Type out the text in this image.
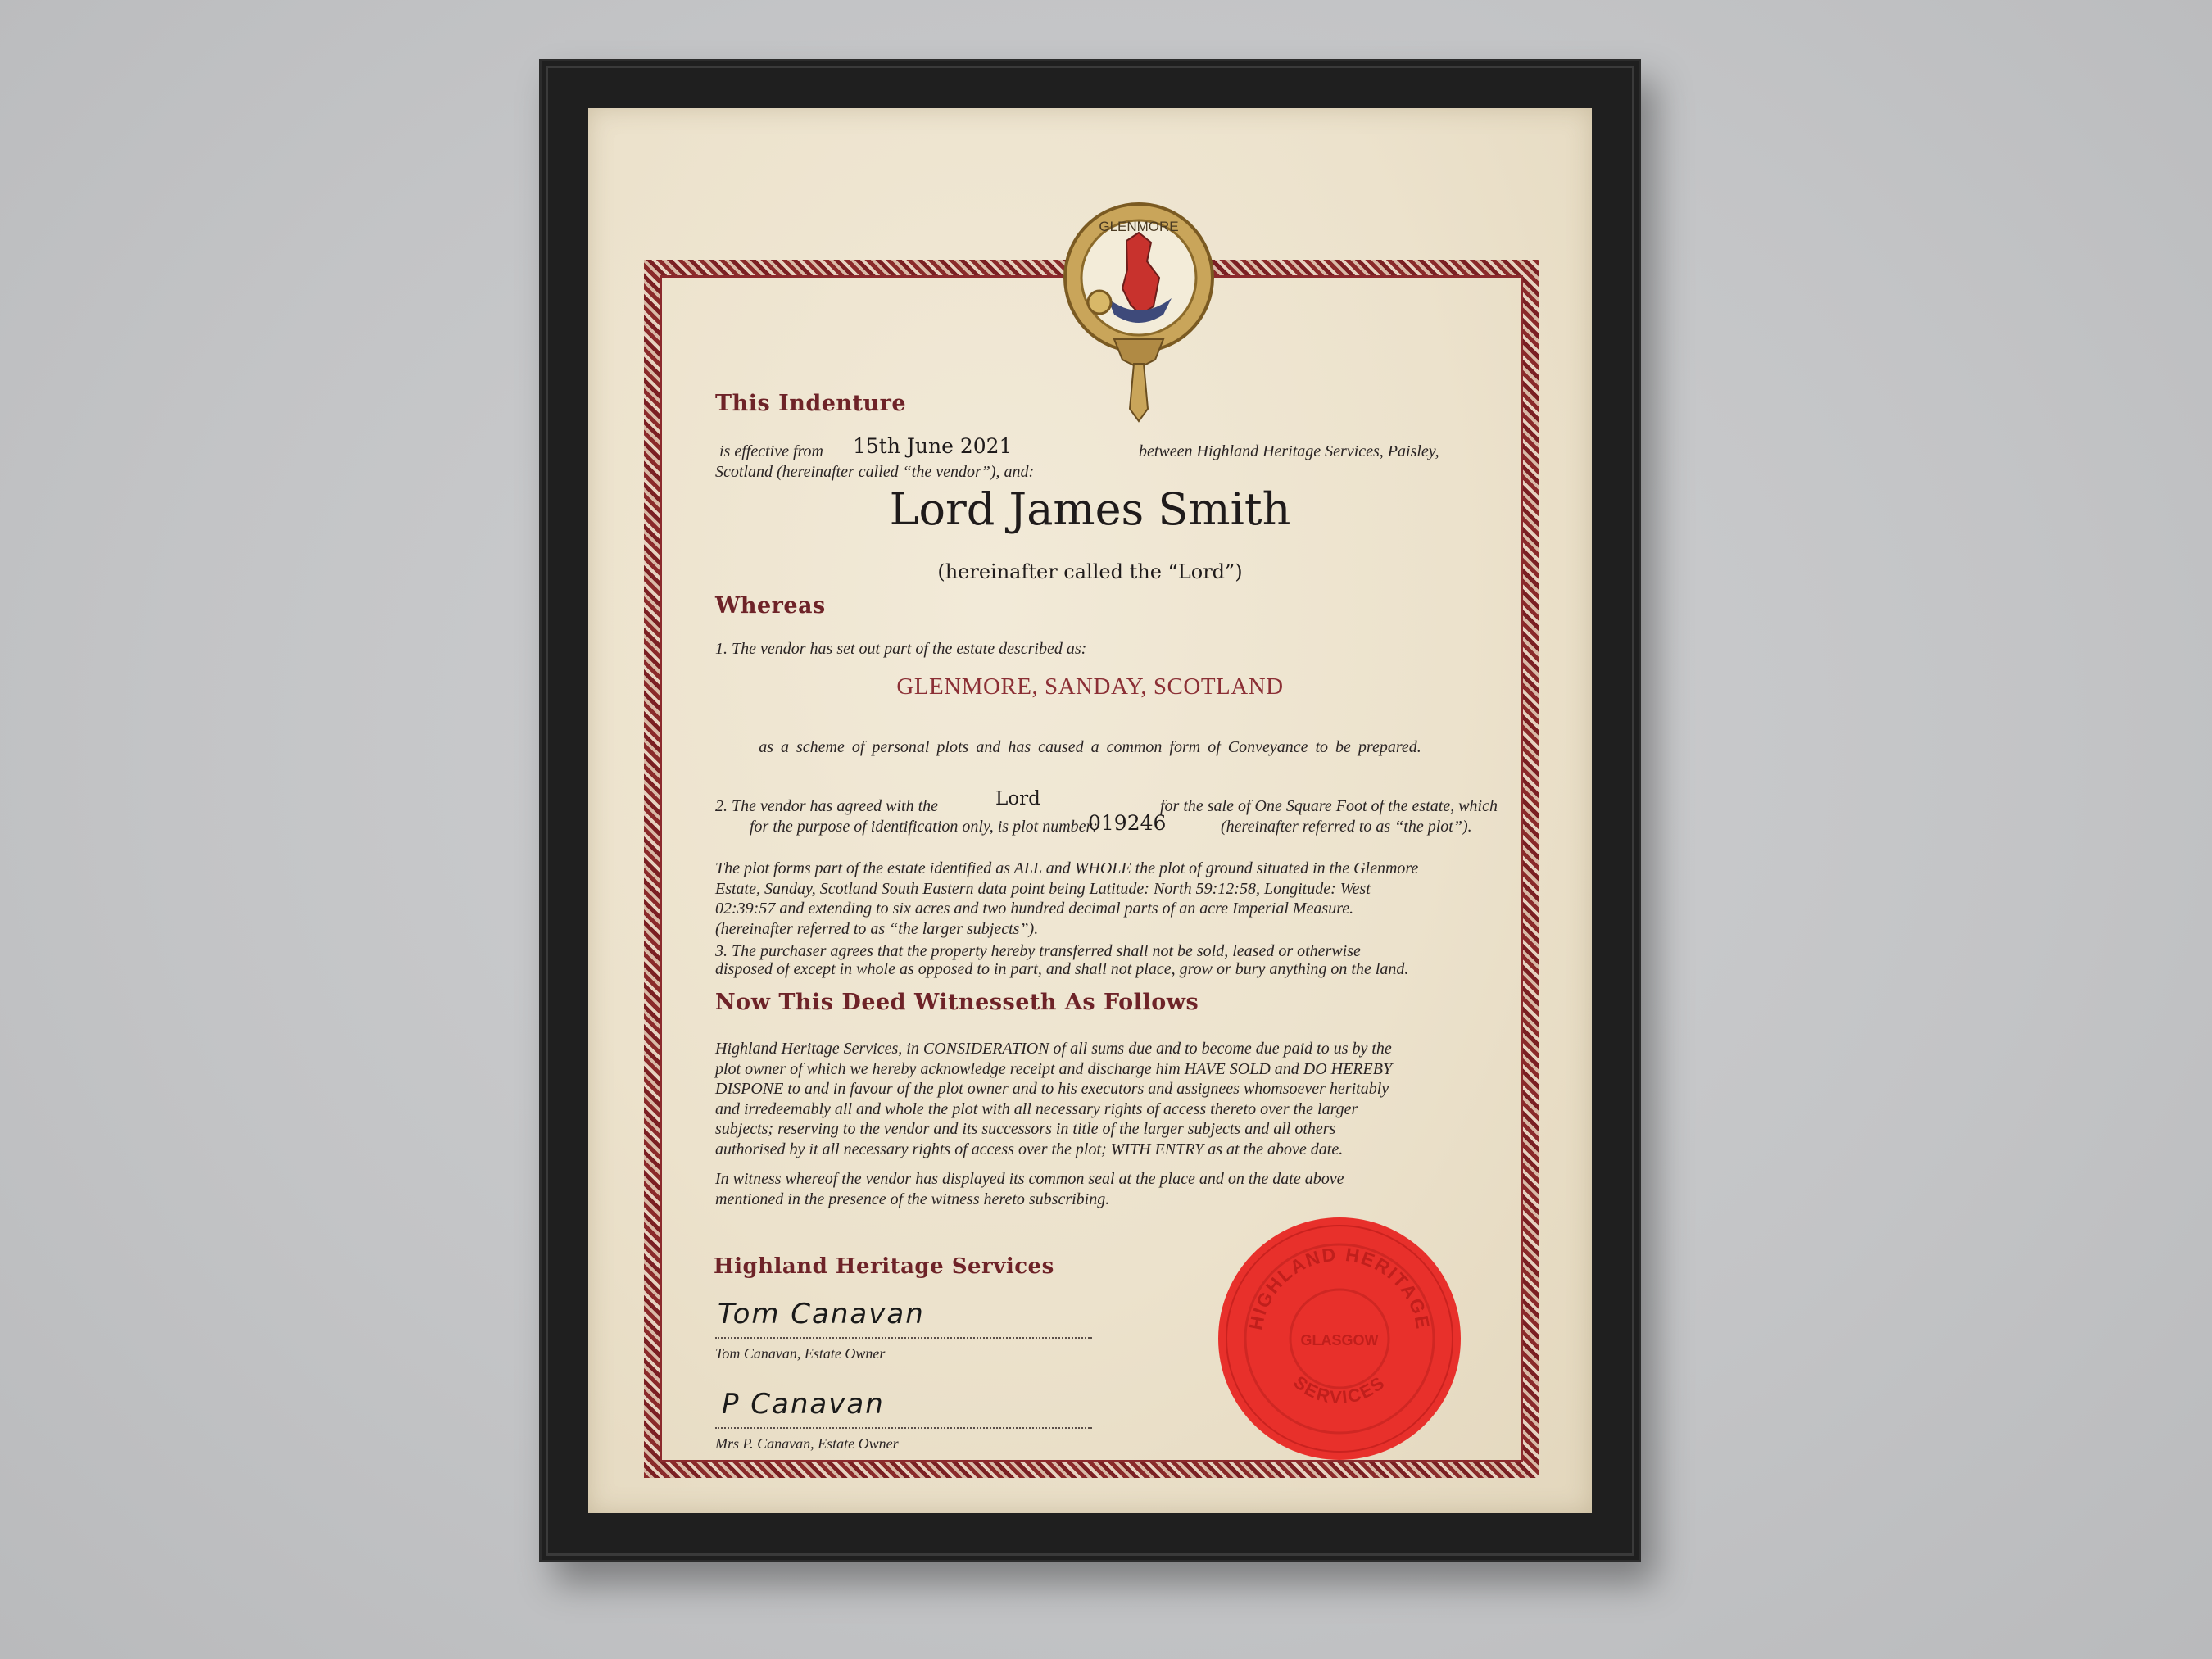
GLENMORE
This Indenture
is effective from 15th June 2021	between Highland Heritage Services, Paisley,
Scotland (hereinafter called “the vendor”), and:
Lord James Smith
(hereinafter called the “Lord”)
Whereas
1. The vendor has set out part of the estate described as:
GLENMORE, SANDAY, SCOTLAND
as a scheme of personal plots and has caused a common form of Conveyance to be prepared.
2. The vendor has agreed with the	Lord	for the sale of One Square Foot of the estate, which
for the purpose of identification only, is plot number:
019246	(hereinafter referred to as “the plot”).
The plot forms part of the estate identified as ALL and WHOLE the plot of ground situated in the Glenmore
Estate, Sanday, Scotland South Eastern data point being Latitude: North 59:12:58, Longitude: West
02:39:57 and extending to six acres and two hundred decimal parts of an acre Imperial Measure.
(hereinafter referred to as “the larger subjects”).
3. The purchaser agrees that the property hereby transferred shall not be sold, leased or otherwise
disposed of except in whole as opposed to in part, and shall not place, grow or bury anything on the land.
Now This Deed Witnesseth As Follows
Highland Heritage Services, in CONSIDERATION of all sums due and to become due paid to us by the
plot owner of which we hereby acknowledge receipt and discharge him HAVE SOLD and DO HEREBY
DISPONE to and in favour of the plot owner and to his executors and assignees whomsoever heritably
and irredeemably all and whole the plot with all necessary rights of access thereto over the larger
subjects; reserving to the vendor and its successors in title of the larger subjects and all others
authorised by it all necessary rights of access over the plot; WITH ENTRY as at the above date.
In witness whereof the vendor has displayed its common seal at the place and on the date above
mentioned in the presence of the witness hereto subscribing.
Highland Heritage Services
Tom Canavan
Tom Canavan, Estate Owner
P Canavan
Mrs P. Canavan, Estate Owner
HIGHLAND HERITAGE
GLASGOW
SERVICES
